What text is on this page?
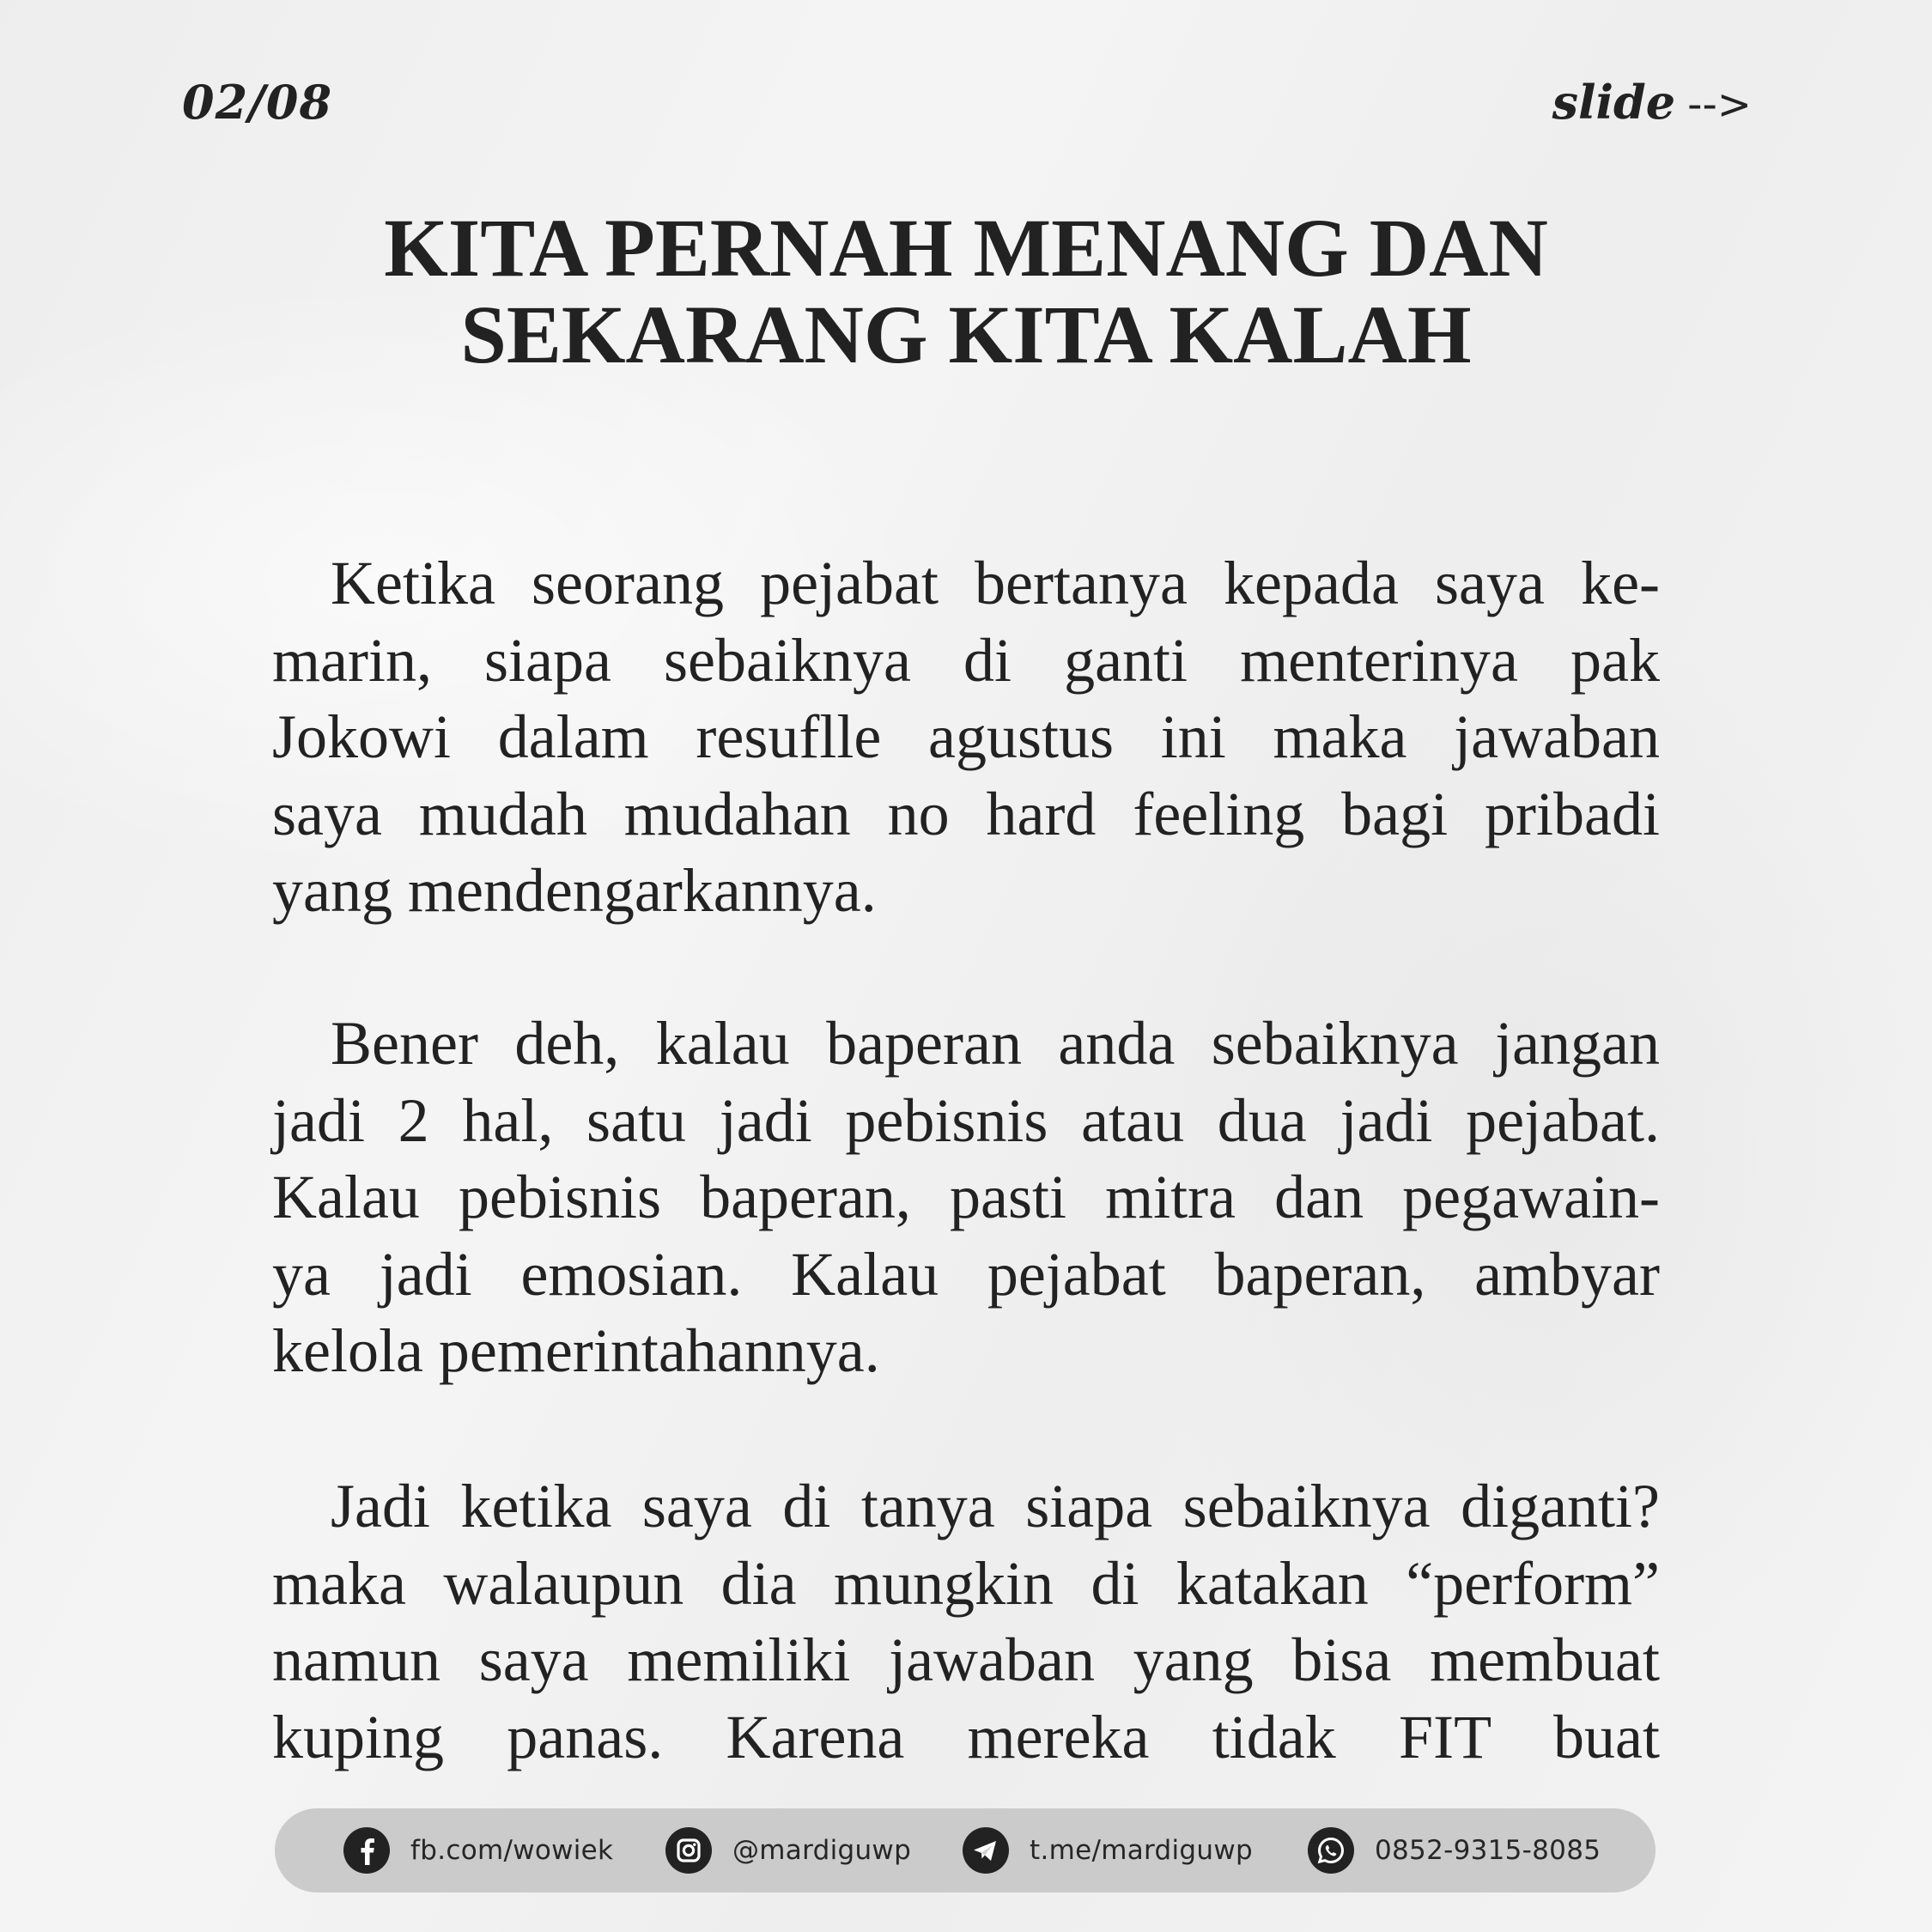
02/08	slide -->
KITA PERNAH MENANG DAN
SEKARANG KITA KALAH
Ketika seorang pejabat bertanya kepada saya ke-
marin, siapa sebaiknya di ganti menterinya pak
Jokowi dalam resuflle agustus ini maka jawaban
saya mudah mudahan no hard feeling bagi pribadi
yang mendengarkannya.
Bener deh, kalau baperan anda sebaiknya jangan
jadi 2 hal, satu jadi pebisnis atau dua jadi pejabat.
Kalau pebisnis baperan, pasti mitra dan pegawain-
ya jadi emosian. Kalau pejabat baperan, ambyar
kelola pemerintahannya.
Jadi ketika saya di tanya siapa sebaiknya diganti?
maka walaupun dia mungkin di katakan “perform”
namun saya memiliki jawaban yang bisa membuat
kuping panas. Karena mereka tidak FIT buat
fb.com/wowiek	@mardiguwp	t.me/mardiguwp	0852-9315-8085
